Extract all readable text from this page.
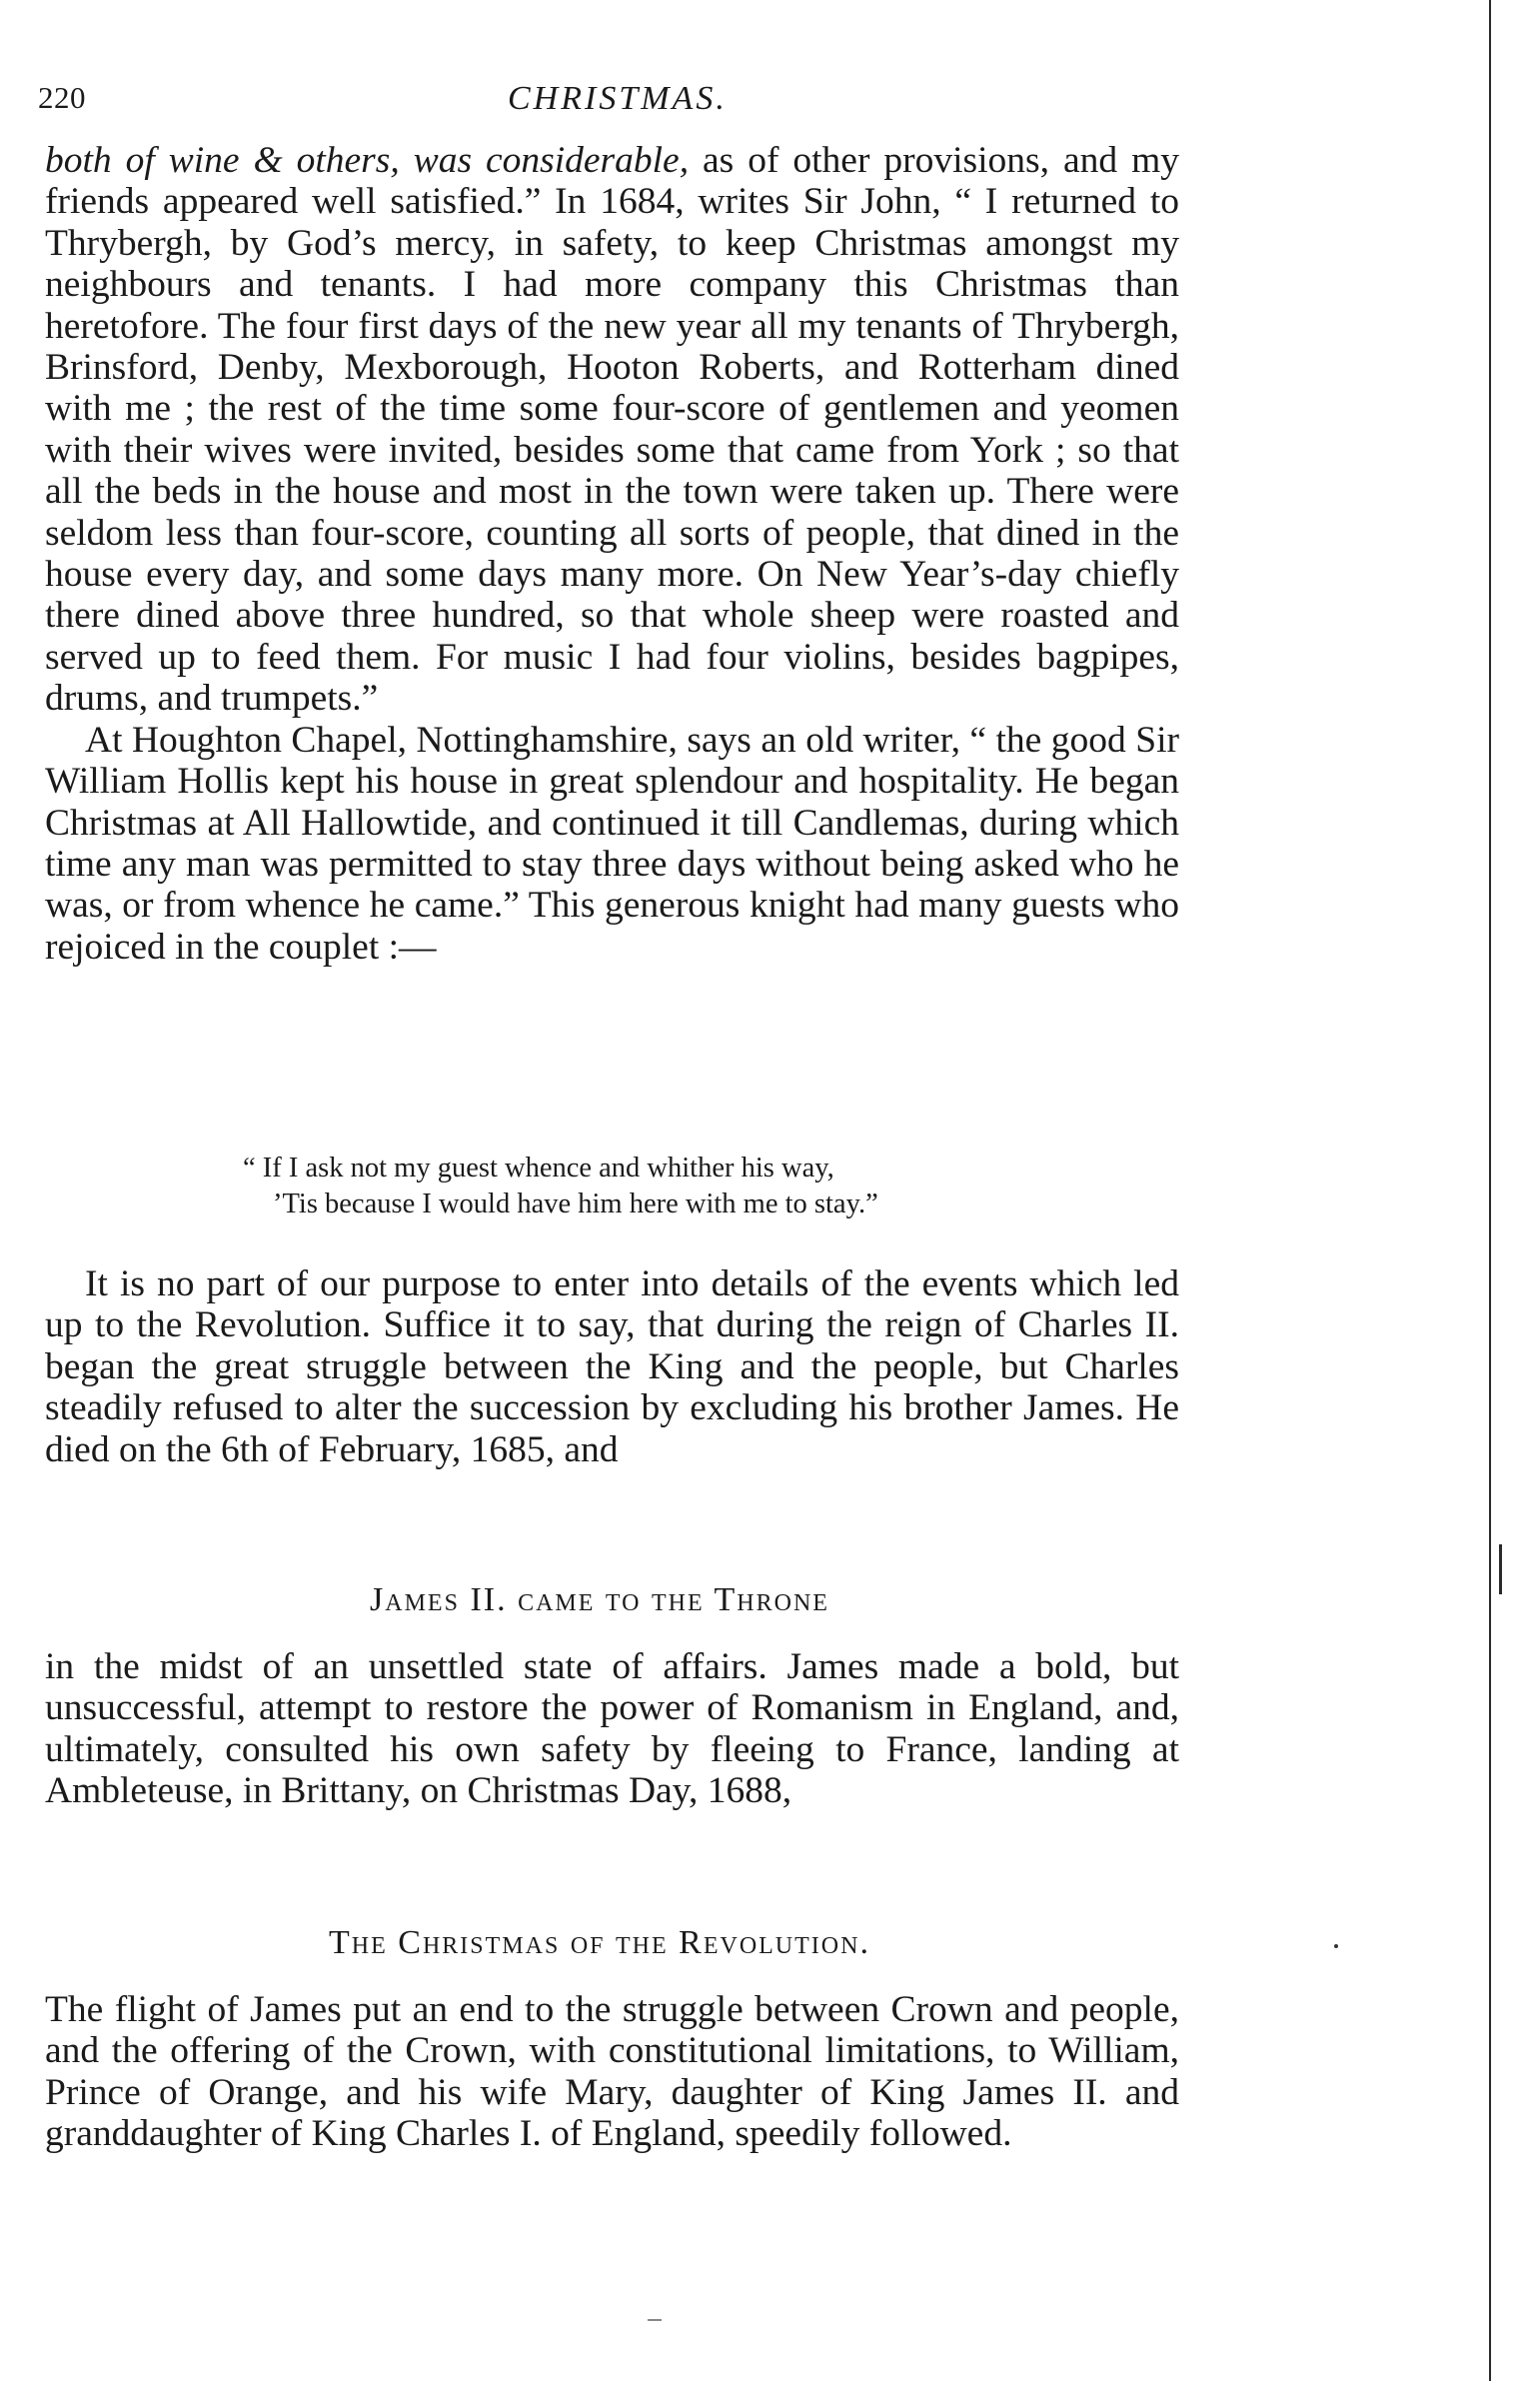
220	CHRISTMAS.

both of wine & others, was considerable, as of other provisions, and my friends appeared well satisfied.” In 1684, writes Sir John, “ I returned to Thrybergh, by God’s mercy, in safety, to keep Christmas amongst my neighbours and tenants. I had more company this Christmas than heretofore. The four first days of the new year all my tenants of Thrybergh, Brinsford, Denby, Mexborough, Hooton Roberts, and Rotterham dined with me ; the rest of the time some four-score of gentlemen and yeomen with their wives were invited, besides some that came from York ; so that all the beds in the house and most in the town were taken up. There were seldom less than four-score, counting all sorts of people, that dined in the house every day, and some days many more. On New Year’s-day chiefly there dined above three hundred, so that whole sheep were roasted and served up to feed them. For music I had four violins, besides bagpipes, drums, and trumpets.”

At Houghton Chapel, Nottinghamshire, says an old writer, “ the good Sir William Hollis kept his house in great splendour and hospitality. He began Christmas at All Hallowtide, and continued it till Candlemas, during which time any man was permitted to stay three days without being asked who he was, or from whence he came.” This generous knight had many guests who rejoiced in the couplet :—

“ If I ask not my guest whence and whither his way,
’Tis because I would have him here with me to stay.”

It is no part of our purpose to enter into details of the events which led up to the Revolution. Suffice it to say, that during the reign of Charles II. began the great struggle between the King and the people, but Charles steadily refused to alter the succession by excluding his brother James. He died on the 6th of February, 1685, and

James II. came to the Throne

in the midst of an unsettled state of affairs. James made a bold, but unsuccessful, attempt to restore the power of Romanism in England, and, ultimately, consulted his own safety by fleeing to France, landing at Ambleteuse, in Brittany, on Christmas Day, 1688,

The Christmas of the Revolution.

The flight of James put an end to the struggle between Crown and people, and the offering of the Crown, with constitutional limitations, to William, Prince of Orange, and his wife Mary, daughter of King James II. and granddaughter of King Charles I. of England, speedily followed.
